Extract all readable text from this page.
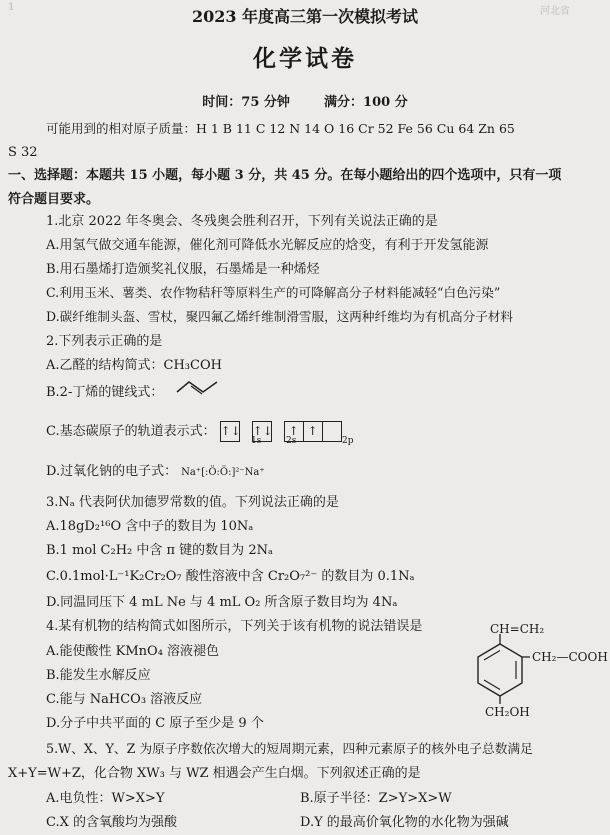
1	河北省
2023 年度高三第一次模拟考试
化学试卷
时间：75 分钟	满分：100 分
可能用到的相对原子质量：H 1 B 11 C 12 N 14 O 16 Cr 52 Fe 56 Cu 64 Zn 65
S 32
一、选择题：本题共 15 小题，每小题 3 分，共 45 分。在每小题给出的四个选项中，只有一项
符合题目要求。
1.北京 2022 年冬奥会、冬残奥会胜利召开，下列有关说法正确的是
A.用氢气做交通车能源，催化剂可降低水光解反应的焓变，有利于开发氢能源
B.用石墨烯打造颁奖礼仪服，石墨烯是一种烯烃
C.利用玉米、薯类、农作物秸秆等原料生产的可降解高分子材料能减轻“白色污染”
D.碳纤维制头盔、雪杖，聚四氟乙烯纤维制滑雪服，这两种纤维均为有机高分子材料
2.下列表示正确的是
A.乙醛的结构简式：CH₃COH
B.2-丁烯的键线式：
C.基态碳原子的轨道表示式： ↑↓ ↑↓ ↑ ↑
1s	2s	2p
D.过氧化钠的电子式： Na⁺[:Ö:Ö:]²⁻Na⁺
3.Nₐ 代表阿伏加德罗常数的值。下列说法正确的是
A.18gD₂¹⁶O 含中子的数目为 10Nₐ
B.1 mol C₂H₂ 中含 π 键的数目为 2Nₐ
C.0.1mol·L⁻¹K₂Cr₂O₇ 酸性溶液中含 Cr₂O₇²⁻ 的数目为 0.1Nₐ
D.同温同压下 4 mL Ne 与 4 mL O₂ 所含原子数目均为 4Nₐ
4.某有机物的结构简式如图所示，下列关于该有机物的说法错误是
A.能使酸性 KMnO₄ 溶液褪色
B.能发生水解反应
C.能与 NaHCO₃ 溶液反应
D.分子中共平面的 C 原子至少是 9 个
CH=CH₂
CH₂—COOH
CH₂OH
5.W、X、Y、Z 为原子序数依次增大的短周期元素，四种元素原子的核外电子总数满足
X+Y=W+Z，化合物 XW₃ 与 WZ 相遇会产生白烟。下列叙述正确的是
A.电负性：W>X>Y	B.原子半径：Z>Y>X>W
C.X 的含氧酸均为强酸	D.Y 的最高价氧化物的水化物为强碱
